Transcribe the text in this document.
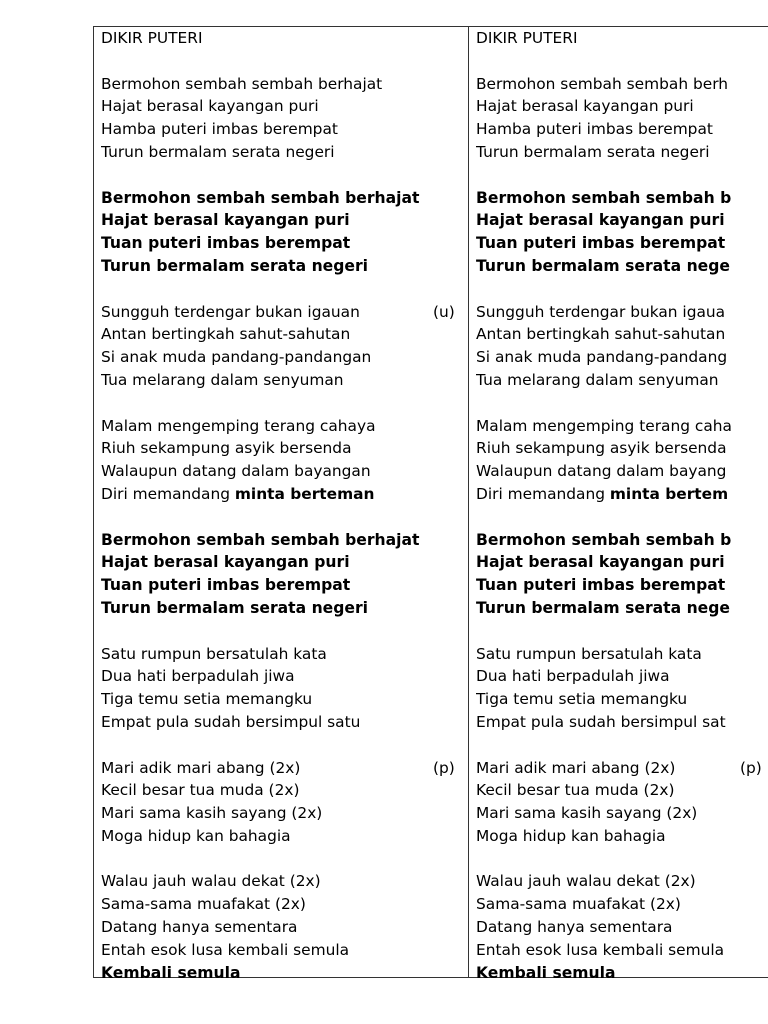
DIKIR PUTERI
Bermohon sembah sembah berhajat
Hajat berasal kayangan puri
Hamba puteri imbas berempat
Turun bermalam serata negeri
Bermohon sembah sembah berhajat
Hajat berasal kayangan puri
Tuan puteri imbas berempat
Turun bermalam serata negeri
Sungguh terdengar bukan igauan	(u)
Antan bertingkah sahut-sahutan
Si anak muda pandang-pandangan
Tua melarang dalam senyuman
Malam mengemping terang cahaya
Riuh sekampung asyik bersenda
Walaupun datang dalam bayangan
Diri memandang minta berteman
Bermohon sembah sembah berhajat
Hajat berasal kayangan puri
Tuan puteri imbas berempat
Turun bermalam serata negeri
Satu rumpun bersatulah kata
Dua hati berpadulah jiwa
Tiga temu setia memangku
Empat pula sudah bersimpul satu
Mari adik mari abang (2x)	(p)
Kecil besar tua muda (2x)
Mari sama kasih sayang (2x)
Moga hidup kan bahagia
Walau jauh walau dekat (2x)
Sama-sama muafakat (2x)
Datang hanya sementara
Entah esok lusa kembali semula
Kembali semula
DIKIR PUTERI
Bermohon sembah sembah berh
Hajat berasal kayangan puri
Hamba puteri imbas berempat
Turun bermalam serata negeri
Bermohon sembah sembah b
Hajat berasal kayangan puri
Tuan puteri imbas berempat
Turun bermalam serata nege
Sungguh terdengar bukan igaua
Antan bertingkah sahut-sahutan
Si anak muda pandang-pandang
Tua melarang dalam senyuman
Malam mengemping terang caha
Riuh sekampung asyik bersenda
Walaupun datang dalam bayang
Diri memandang minta bertem
Bermohon sembah sembah b
Hajat berasal kayangan puri
Tuan puteri imbas berempat
Turun bermalam serata nege
Satu rumpun bersatulah kata
Dua hati berpadulah jiwa
Tiga temu setia memangku
Empat pula sudah bersimpul sat
Mari adik mari abang (2x)	(p)
Kecil besar tua muda (2x)
Mari sama kasih sayang (2x)
Moga hidup kan bahagia
Walau jauh walau dekat (2x)
Sama-sama muafakat (2x)
Datang hanya sementara
Entah esok lusa kembali semula
Kembali semula
